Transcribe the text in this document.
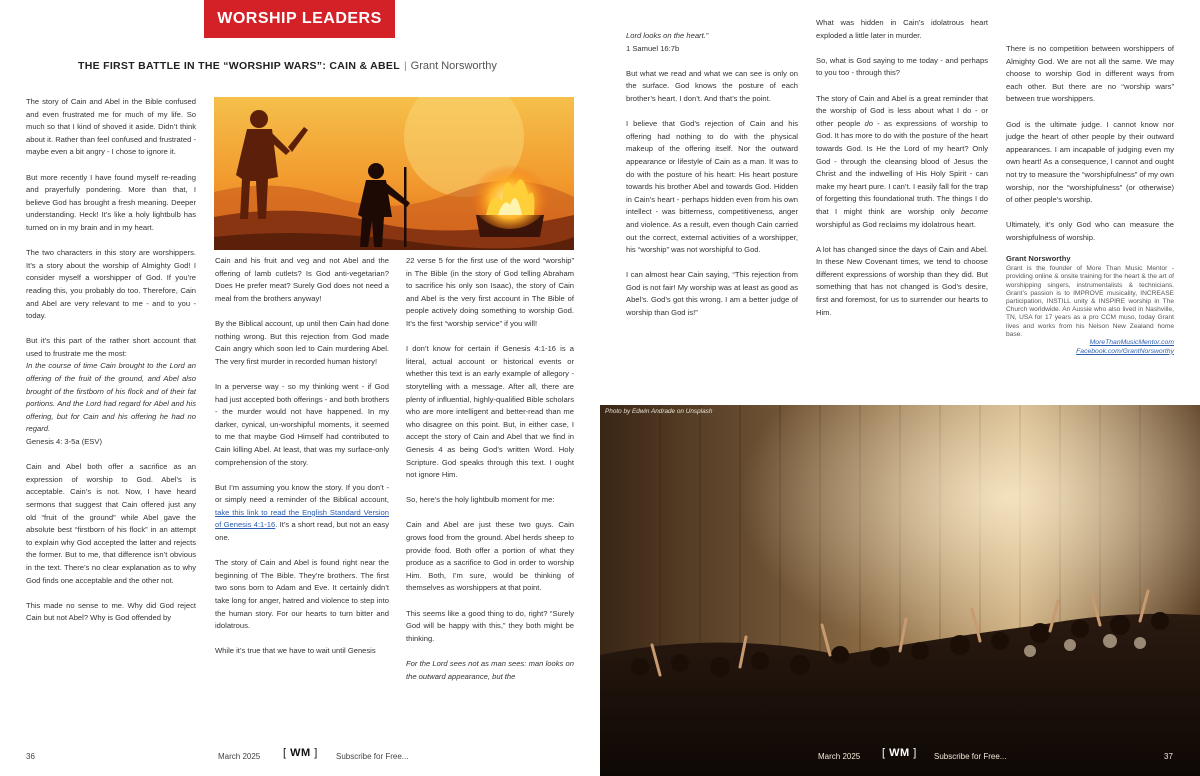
WORSHIP LEADERS
THE FIRST BATTLE IN THE “WORSHIP WARS”: CAIN & ABEL | Grant Norsworthy

The story of Cain and Abel in the Bible confused and even frustrated me for much of my life. So much so that I kind of shoved it aside. Didn’t think about it. Rather than feel confused and frustrated - maybe even a bit angry - I chose to ignore it.

But more recently I have found myself re-reading and prayerfully pondering. More than that, I believe God has brought a fresh meaning. Deeper understanding. Heck! It’s like a holy lightbulb has turned on in my brain and in my heart.

The two characters in this story are worshippers. It’s a story about the worship of Almighty God! I consider myself a worshipper of God. If you’re reading this, you probably do too. Therefore, Cain and Abel are very relevant to me - and to you - today.

But it’s this part of the rather short account that used to frustrate me the most:

In the course of time Cain brought to the Lord an offering of the fruit of the ground, and Abel also brought of the firstborn of his flock and of their fat portions. And the Lord had regard for Abel and his offering, but for Cain and his offering he had no regard.

Genesis 4: 3-5a (ESV)

Cain and Abel both offer a sacrifice as an expression of worship to God. Abel’s is acceptable. Cain’s is not. Now, I have heard sermons that suggest that Cain offered just any old “fruit of the ground” while Abel gave the absolute best “firstborn of his flock” in an attempt to explain why God accepted the latter and rejects the former. But to me, that difference isn’t obvious in the text. There’s no clear explanation as to why God finds one acceptable and the other not.

This made no sense to me. Why did God reject Cain but not Abel? Why is God offended by

Cain and his fruit and veg and not Abel and the offering of lamb cutlets? Is God anti-vegetarian? Does He prefer meat? Surely God does not need a meal from the brothers anyway!

By the Biblical account, up until then Cain had done nothing wrong. But this rejection from God made Cain angry which soon led to Cain murdering Abel. The very first murder in recorded human history!

In a perverse way - so my thinking went - if God had just accepted both offerings - and both brothers - the murder would not have happened. In my darker, cynical, un-worshipful moments, it seemed to me that maybe God Himself had contributed to Cain killing Abel. At least, that was my surface-only comprehension of the story.

But I’m assuming you know the story. If you don’t - or simply need a reminder of the Biblical account, take this link to read the English Standard Version of Genesis 4:1-16. It’s a short read, but not an easy one.

The story of Cain and Abel is found right near the beginning of The Bible. They’re brothers. The first two sons born to Adam and Eve. It certainly didn’t take long for anger, hatred and violence to step into the human story. For our hearts to turn bitter and idolatrous.

While it’s true that we have to wait until Genesis

22 verse 5 for the first use of the word “worship” in The Bible (in the story of God telling Abraham to sacrifice his only son Isaac), the story of Cain and Abel is the very first account in The Bible of people actively doing something to worship God. It’s the first “worship service” if you will!

I don’t know for certain if Genesis 4:1-16 is a literal, actual account or historical events or whether this text is an early example of allegory - storytelling with a message. After all, there are plenty of influential, highly-qualified Bible scholars who are more intelligent and better-read than me who disagree on this point. But, in either case, I accept the story of Cain and Abel that we find in Genesis 4 as being God’s written Word. Holy Scripture. God speaks through this text. I ought not ignore Him.

So, here’s the holy lightbulb moment for me:

Cain and Abel are just these two guys. Cain grows food from the ground. Abel herds sheep to provide food. Both offer a portion of what they produce as a sacrifice to God in order to worship Him. Both, I’m sure, would be thinking of themselves as worshippers at that point.

This seems like a good thing to do, right? “Surely God will be happy with this,” they both might be thinking.

For the Lord sees not as man sees: man looks on the outward appearance, but the

36	March 2025 [ WM ] Subscribe for Free...

Lord looks on the heart.”

1 Samuel 16:7b

But what we read and what we can see is only on the surface. God knows the posture of each brother’s heart. I don’t. And that’s the point.

I believe that God’s rejection of Cain and his offering had nothing to do with the physical makeup of the offering itself. Nor the outward appearance or lifestyle of Cain as a man. It was to do with the posture of his heart: His heart posture towards his brother Abel and towards God. Hidden in Cain’s heart - perhaps hidden even from his own intellect - was bitterness, competitiveness, anger and violence. As a result, even though Cain carried out the correct, external activities of a worshipper, his “worship” was not worshipful to God.

I can almost hear Cain saying, “This rejection from God is not fair! My worship was at least as good as Abel’s. God’s got this wrong. I am a better judge of worship than God is!”

What was hidden in Cain’s idolatrous heart exploded a little later in murder.

So, what is God saying to me today - and perhaps to you too - through this?

The story of Cain and Abel is a great reminder that the worship of God is less about what I do - or other people do - as expressions of worship to God. It has more to do with the posture of the heart towards God. Is He the Lord of my heart? Only God - through the cleansing blood of Jesus the Christ and the indwelling of His Holy Spirit - can make my heart pure. I can’t. I easily fall for the trap of forgetting this foundational truth. The things I do that I might think are worship only become worshipful as God reclaims my idolatrous heart.

A lot has changed since the days of Cain and Abel. In these New Covenant times, we tend to choose different expressions of worship than they did. But something that has not changed is God’s desire, first and foremost, for us to surrender our hearts to Him.

There is no competition between worshippers of Almighty God. We are not all the same. We may choose to worship God in different ways from each other. But there are no “worship wars” between true worshippers.

God is the ultimate judge. I cannot know nor judge the heart of other people by their outward appearances. I am incapable of judging even my own heart! As a consequence, I cannot and ought not try to measure the “worshipfulness” of my own worship, nor the “worshipfulness” (or otherwise) of other people’s worship.

Ultimately, it’s only God who can measure the worshipfulness of worship.

Grant Norsworthy
Grant is the founder of More Than Music Mentor - providing online & onsite training for the heart & the art of worshipping singers, instrumentalists & technicians. Grant’s passion is to IMPROVE musicality, INCREASE participation, INSTILL unity & INSPIRE worship in The Church worldwide. An Aussie who also lived in Nashville, TN, USA for 17 years as a pro CCM muso, today Grant lives and works from his Nelson New Zealand home base.
MoreThanMusicMentor.com
Facebook.com/GrantNorsworthy
Photo by Edwin Andrade on Unsplash
March 2025 [ WM ] Subscribe for Free...	37
